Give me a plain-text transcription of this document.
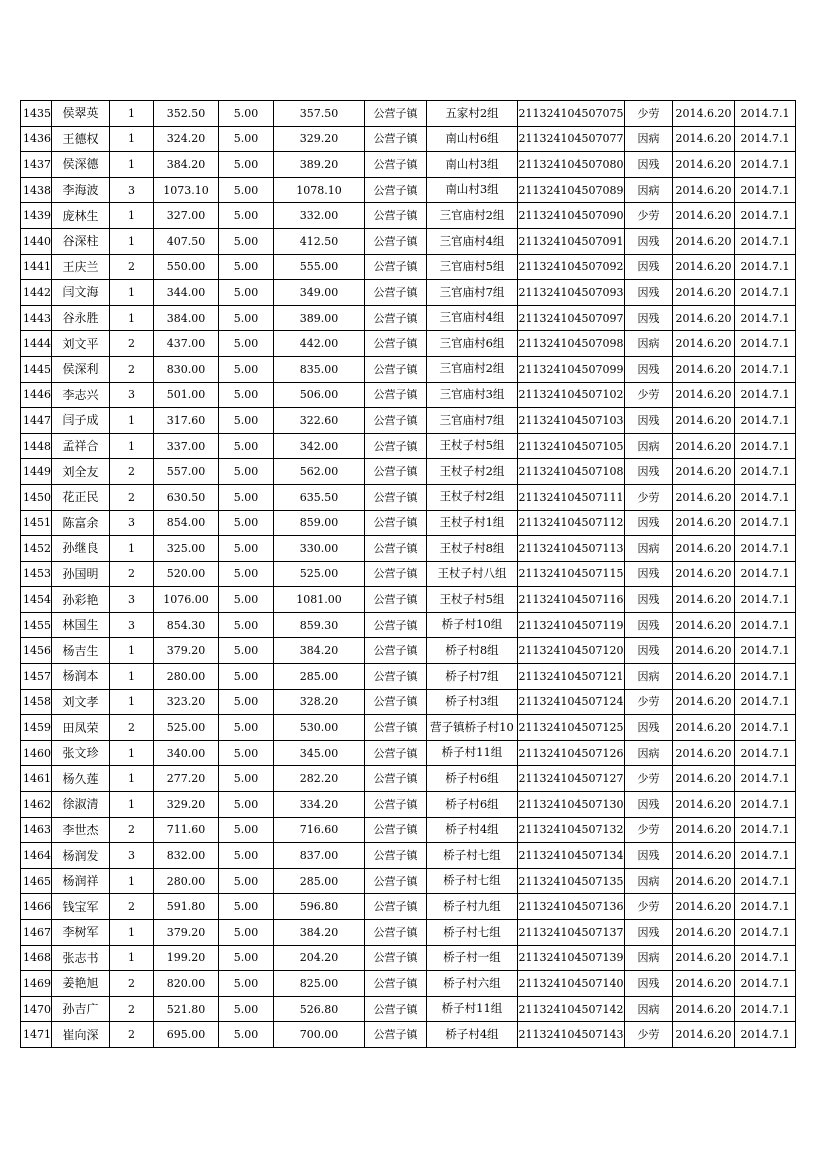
1435	侯翠英	1	352.50	5.00	357.50	公营子镇	五家村2组	211324104507075	少劳	2014.6.20	2014.7.1
1436	王德权	1	324.20	5.00	329.20	公营子镇	南山村6组	211324104507077	因病	2014.6.20	2014.7.1
1437	侯深德	1	384.20	5.00	389.20	公营子镇	南山村3组	211324104507080	因残	2014.6.20	2014.7.1
1438	李海波	3	1073.10	5.00	1078.10	公营子镇	南山村3组	211324104507089	因病	2014.6.20	2014.7.1
1439	庞林生	1	327.00	5.00	332.00	公营子镇	三官庙村2组	211324104507090	少劳	2014.6.20	2014.7.1
1440	谷深柱	1	407.50	5.00	412.50	公营子镇	三官庙村4组	211324104507091	因残	2014.6.20	2014.7.1
1441	王庆兰	2	550.00	5.00	555.00	公营子镇	三官庙村5组	211324104507092	因残	2014.6.20	2014.7.1
1442	闫文海	1	344.00	5.00	349.00	公营子镇	三官庙村7组	211324104507093	因残	2014.6.20	2014.7.1
1443	谷永胜	1	384.00	5.00	389.00	公营子镇	三官庙村4组	211324104507097	因残	2014.6.20	2014.7.1
1444	刘文平	2	437.00	5.00	442.00	公营子镇	三官庙村6组	211324104507098	因病	2014.6.20	2014.7.1
1445	侯深利	2	830.00	5.00	835.00	公营子镇	三官庙村2组	211324104507099	因残	2014.6.20	2014.7.1
1446	李志兴	3	501.00	5.00	506.00	公营子镇	三官庙村3组	211324104507102	少劳	2014.6.20	2014.7.1
1447	闫子成	1	317.60	5.00	322.60	公营子镇	三官庙村7组	211324104507103	因残	2014.6.20	2014.7.1
1448	孟祥合	1	337.00	5.00	342.00	公营子镇	王杖子村5组	211324104507105	因病	2014.6.20	2014.7.1
1449	刘全友	2	557.00	5.00	562.00	公营子镇	王杖子村2组	211324104507108	因残	2014.6.20	2014.7.1
1450	花正民	2	630.50	5.00	635.50	公营子镇	王杖子村2组	211324104507111	少劳	2014.6.20	2014.7.1
1451	陈富余	3	854.00	5.00	859.00	公营子镇	王杖子村1组	211324104507112	因残	2014.6.20	2014.7.1
1452	孙继良	1	325.00	5.00	330.00	公营子镇	王杖子村8组	211324104507113	因病	2014.6.20	2014.7.1
1453	孙国明	2	520.00	5.00	525.00	公营子镇	王杖子村八组	211324104507115	因残	2014.6.20	2014.7.1
1454	孙彩艳	3	1076.00	5.00	1081.00	公营子镇	王杖子村5组	211324104507116	因残	2014.6.20	2014.7.1
1455	林国生	3	854.30	5.00	859.30	公营子镇	桥子村10组	211324104507119	因残	2014.6.20	2014.7.1
1456	杨吉生	1	379.20	5.00	384.20	公营子镇	桥子村8组	211324104507120	因残	2014.6.20	2014.7.1
1457	杨润本	1	280.00	5.00	285.00	公营子镇	桥子村7组	211324104507121	因病	2014.6.20	2014.7.1
1458	刘文孝	1	323.20	5.00	328.20	公营子镇	桥子村3组	211324104507124	少劳	2014.6.20	2014.7.1
1459	田凤荣	2	525.00	5.00	530.00	公营子镇	营子镇桥子村10	211324104507125	因残	2014.6.20	2014.7.1
1460	张文珍	1	340.00	5.00	345.00	公营子镇	桥子村11组	211324104507126	因病	2014.6.20	2014.7.1
1461	杨久莲	1	277.20	5.00	282.20	公营子镇	桥子村6组	211324104507127	少劳	2014.6.20	2014.7.1
1462	徐淑清	1	329.20	5.00	334.20	公营子镇	桥子村6组	211324104507130	因残	2014.6.20	2014.7.1
1463	李世杰	2	711.60	5.00	716.60	公营子镇	桥子村4组	211324104507132	少劳	2014.6.20	2014.7.1
1464	杨润发	3	832.00	5.00	837.00	公营子镇	桥子村七组	211324104507134	因残	2014.6.20	2014.7.1
1465	杨润祥	1	280.00	5.00	285.00	公营子镇	桥子村七组	211324104507135	因病	2014.6.20	2014.7.1
1466	钱宝军	2	591.80	5.00	596.80	公营子镇	桥子村九组	211324104507136	少劳	2014.6.20	2014.7.1
1467	李树军	1	379.20	5.00	384.20	公营子镇	桥子村七组	211324104507137	因残	2014.6.20	2014.7.1
1468	张志书	1	199.20	5.00	204.20	公营子镇	桥子村一组	211324104507139	因病	2014.6.20	2014.7.1
1469	姜艳旭	2	820.00	5.00	825.00	公营子镇	桥子村六组	211324104507140	因残	2014.6.20	2014.7.1
1470	孙吉广	2	521.80	5.00	526.80	公营子镇	桥子村11组	211324104507142	因病	2014.6.20	2014.7.1
1471	崔向深	2	695.00	5.00	700.00	公营子镇	桥子村4组	211324104507143	少劳	2014.6.20	2014.7.1
